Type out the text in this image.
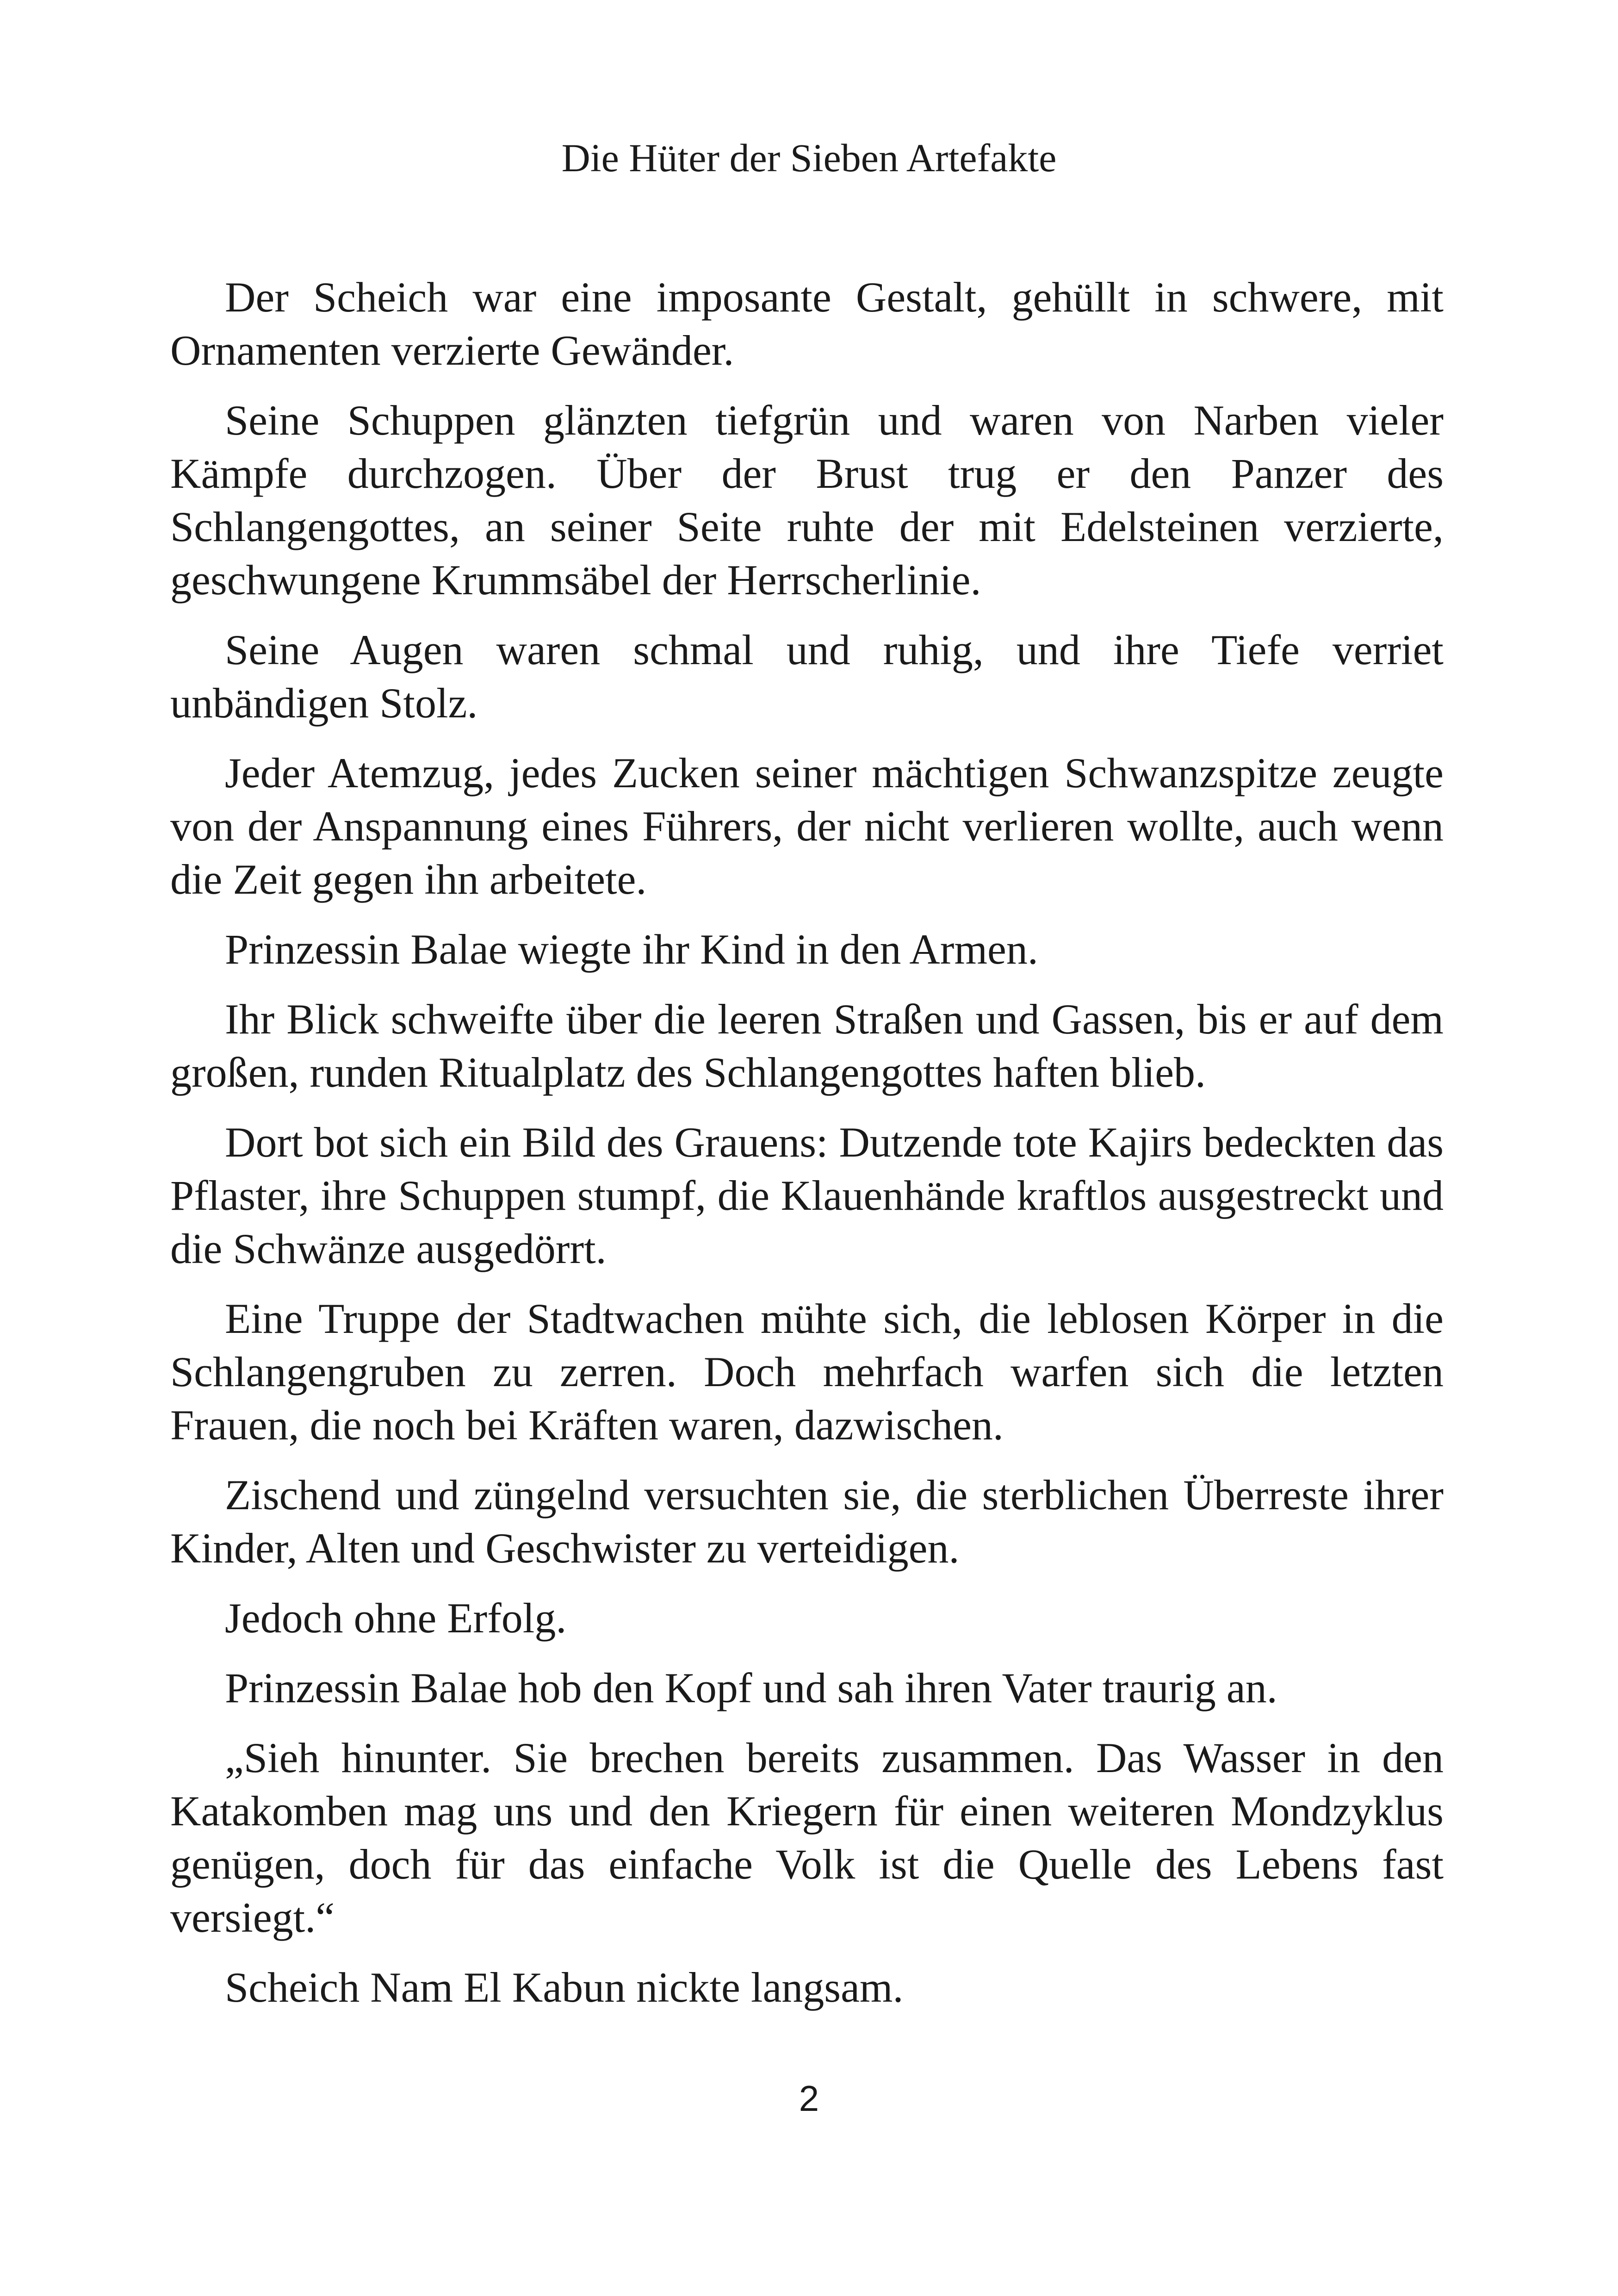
Die Hüter der Sieben Artefakte

Der Scheich war eine imposante Gestalt, gehüllt in schwere, mit Ornamenten verzierte Gewänder.

Seine Schuppen glänzten tiefgrün und waren von Narben vieler Kämpfe durchzogen. Über der Brust trug er den Panzer des Schlangengottes, an seiner Seite ruhte der mit Edelsteinen verzierte, geschwungene Krummsäbel der Herrscherlinie.

Seine Augen waren schmal und ruhig, und ihre Tiefe verriet unbändigen Stolz.

Jeder Atemzug, jedes Zucken seiner mächtigen Schwanzspitze zeugte von der Anspannung eines Führers, der nicht verlieren wollte, auch wenn die Zeit gegen ihn arbeitete.

Prinzessin Balae wiegte ihr Kind in den Armen.

Ihr Blick schweifte über die leeren Straßen und Gassen, bis er auf dem großen, runden Ritualplatz des Schlangengottes haften blieb.

Dort bot sich ein Bild des Grauens: Dutzende tote Kajirs bedeckten das Pflaster, ihre Schuppen stumpf, die Klauenhände kraftlos ausgestreckt und die Schwänze ausgedörrt.

Eine Truppe der Stadtwachen mühte sich, die leblosen Körper in die Schlangengruben zu zerren. Doch mehrfach warfen sich die letzten Frauen, die noch bei Kräften waren, dazwischen.

Zischend und züngelnd versuchten sie, die sterblichen Überreste ihrer Kinder, Alten und Geschwister zu verteidigen.

Jedoch ohne Erfolg.

Prinzessin Balae hob den Kopf und sah ihren Vater traurig an.

„Sieh hinunter. Sie brechen bereits zusammen. Das Wasser in den Katakomben mag uns und den Kriegern für einen weiteren Mondzyklus genügen, doch für das einfache Volk ist die Quelle des Lebens fast versiegt.“

Scheich Nam El Kabun nickte langsam.

2
